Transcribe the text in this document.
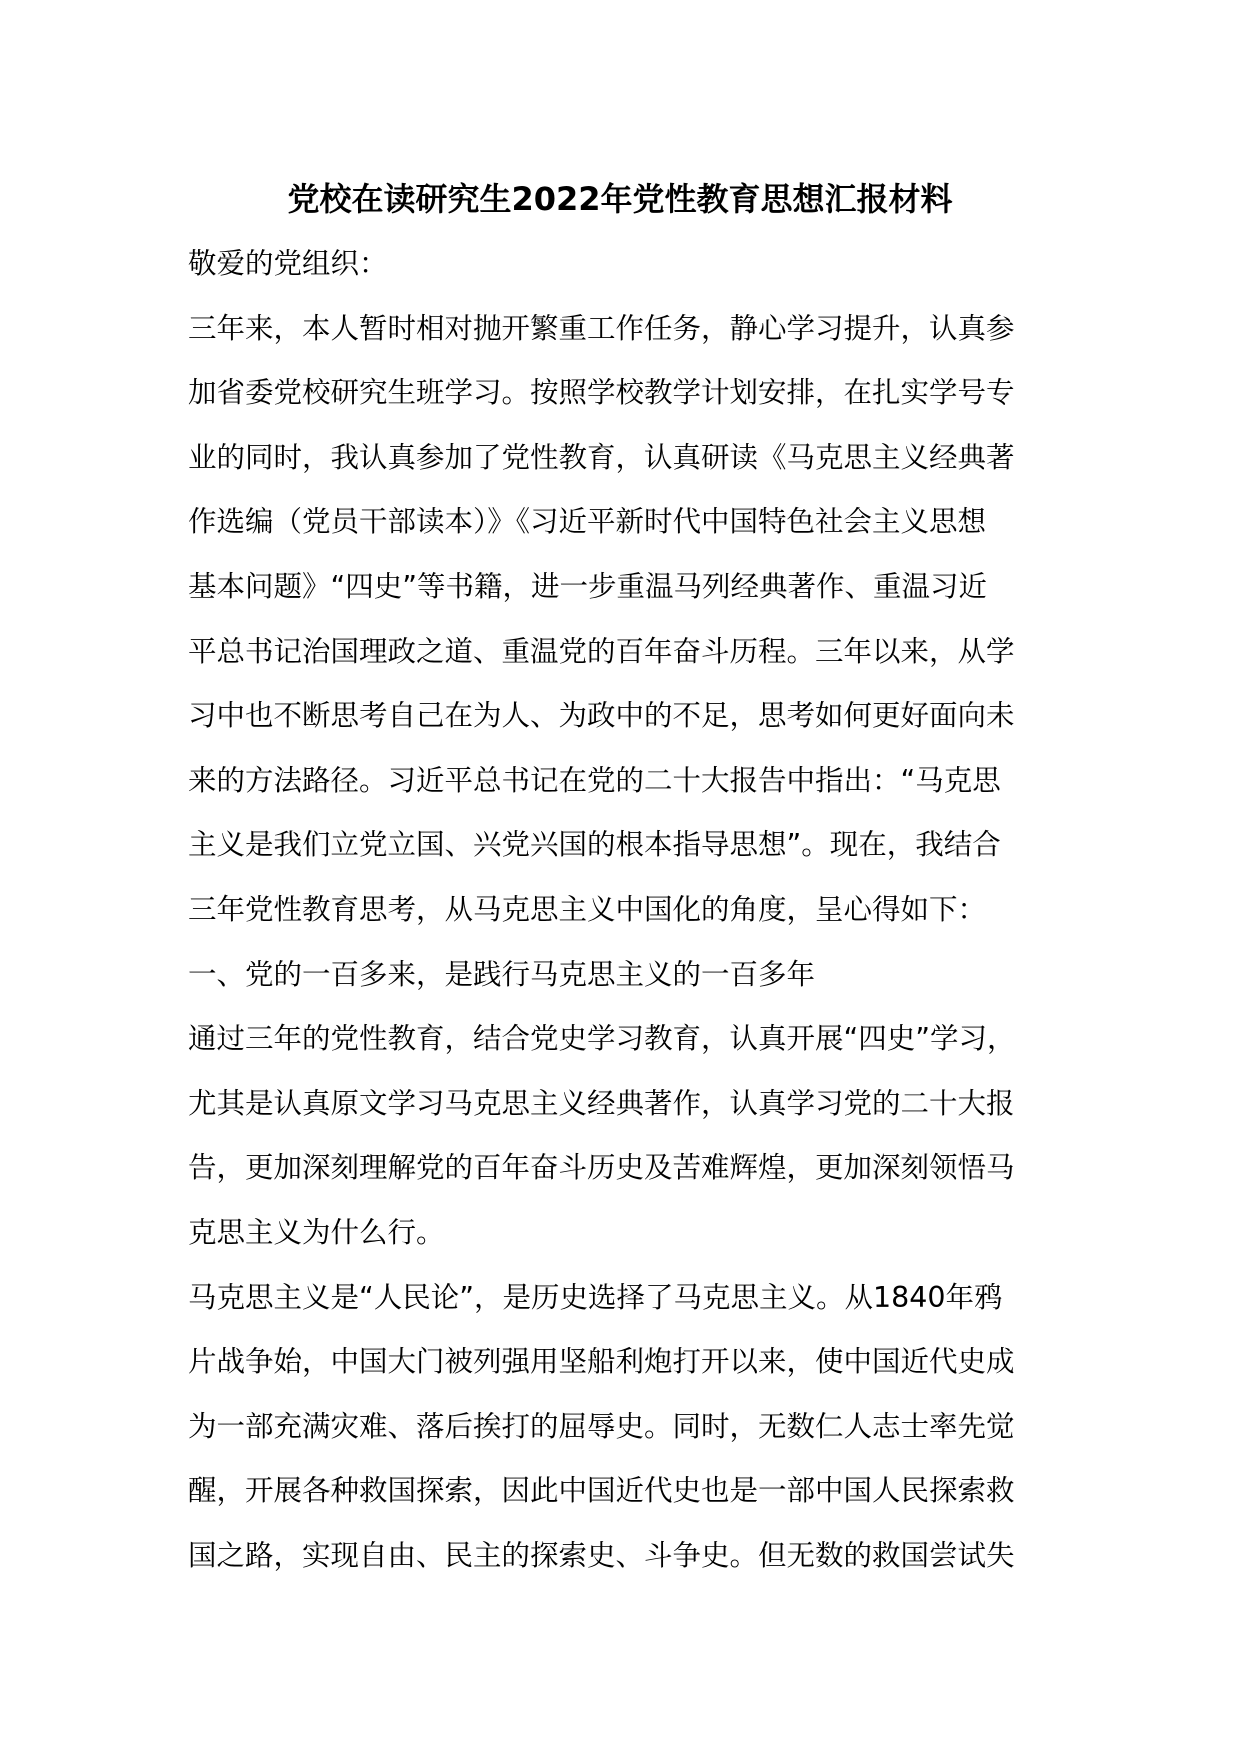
党校在读研究生2022年党性教育思想汇报材料
敬爱的党组织：
三年来，本人暂时相对抛开繁重工作任务，静心学习提升，认真参
加省委党校研究生班学习。按照学校教学计划安排，在扎实学号专
业的同时，我认真参加了党性教育，认真研读《马克思主义经典著
作选编（党员干部读本）》《习近平新时代中国特色社会主义思想
基本问题》“四史”等书籍，进一步重温马列经典著作、重温习近
平总书记治国理政之道、重温党的百年奋斗历程。三年以来，从学
习中也不断思考自己在为人、为政中的不足，思考如何更好面向未
来的方法路径。习近平总书记在党的二十大报告中指出：“马克思
主义是我们立党立国、兴党兴国的根本指导思想”。现在，我结合
三年党性教育思考，从马克思主义中国化的角度，呈心得如下：
一、党的一百多来，是践行马克思主义的一百多年
通过三年的党性教育，结合党史学习教育，认真开展“四史”学习，
尤其是认真原文学习马克思主义经典著作，认真学习党的二十大报
告，更加深刻理解党的百年奋斗历史及苦难辉煌，更加深刻领悟马
克思主义为什么行。
马克思主义是“人民论”，是历史选择了马克思主义。从1840年鸦
片战争始，中国大门被列强用坚船利炮打开以来，使中国近代史成
为一部充满灾难、落后挨打的屈辱史。同时，无数仁人志士率先觉
醒，开展各种救国探索，因此中国近代史也是一部中国人民探索救
国之路，实现自由、民主的探索史、斗争史。但无数的救国尝试失
